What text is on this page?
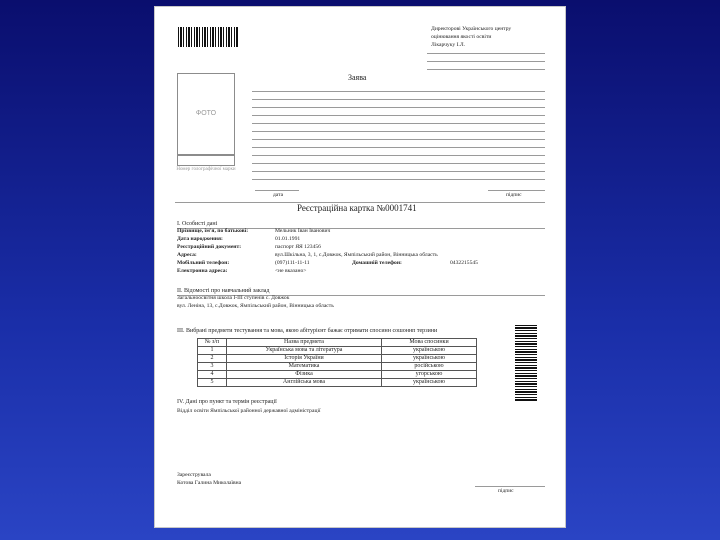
Директорові Українського центру
оцінювання якості освіти
Лікарчуку І.Л.
Заява
ФОТО
Номер голографічної марки
дата	підпис
Реєстраційна картка №0001741
І. Особисті дані
Прізвище, ім'я, по батькові:	Мельник Іван Іванович
Дата народження:	01.01.1991
Реєстраційний документ:	паспорт ЯЯ 123456
Адреса:	вул.Шкільна, 3, 1, с.Довжок, Ямпільський район, Вінницька область
Мобільний телефон:	(097)111-11-11	Домашній телефон:	0432215545
Електронна адреса:	<не вказано>
ІІ. Відомості про навчальний заклад
Загальноосвітня школа І-ІІІ ступенів с. Довжок
вул. Леніна, 13, с.Довжок, Ямпільський район, Вінницька область
ІІІ. Вибрані предмети тестування та мова, якою абітурієнт бажає отримати спосинн сошоннп терзини
№ з/п	Назва предмета	Мова спосинки
1	Українська мова та література	українською
2	Історія України	українською
3	Математика	російською
4	Фізика	угорською
5	Англійська мова	українською
IV. Дані про пункт та термін реєстрації
Відділ освіти Ямпільської районної державної адміністрації
Зареєструвала
Котова Галина Миколаївна
підпис
